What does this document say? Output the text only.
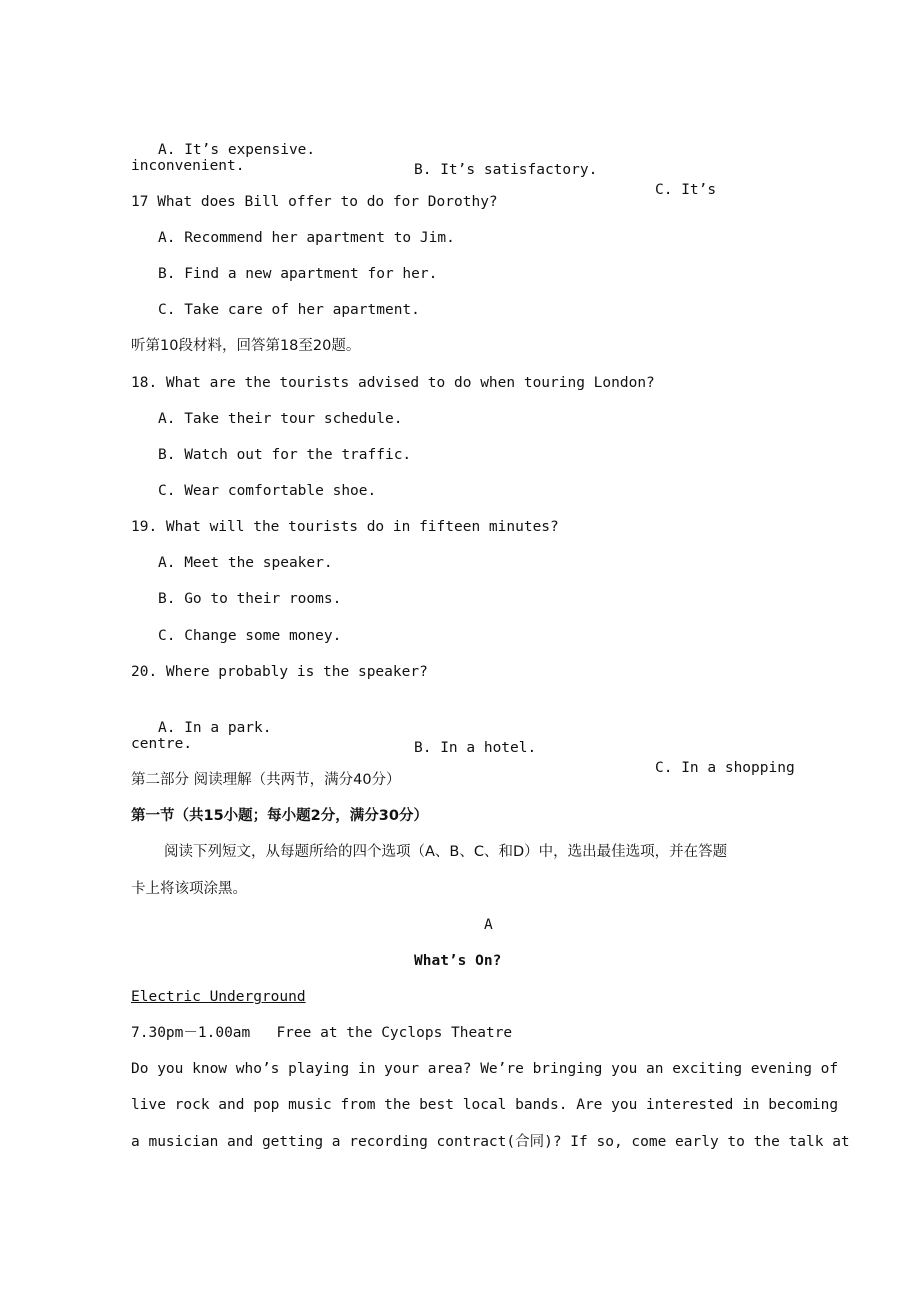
A. It’s expensive.

B. It’s satisfactory.

C. It’s

inconvenient.
17 What does Bill offer to do for Dorothy?
A. Recommend her apartment to Jim.
B. Find a new apartment for her.
C. Take care of her apartment.
听第10段材料，回答第18至20题。
18. What are the tourists advised to do when touring London?
A. Take their tour schedule.
B. Watch out for the traffic.
C. Wear comfortable shoe.
19. What will the tourists do in fifteen minutes?
A. Meet the speaker.
B. Go to their rooms.
C. Change some money.
20. Where probably is the speaker?

A. In a park.

B. In a hotel.

C. In a shopping

centre.
第二部分 阅读理解（共两节，满分40分）
第一节（共15小题；每小题2分，满分30分）
阅读下列短文，从每题所给的四个选项（A、B、C、和D）中，选出最佳选项，并在答题
卡上将该项涂黑。
A
What’s On?
Electric Underground
7.30pm－1.00am   Free at the Cyclops Theatre
Do you know who’s playing in your area? We’re bringing you an exciting evening of
live rock and pop music from the best local bands. Are you interested in becoming
a musician and getting a recording contract(合同)? If so, come early to the talk at
